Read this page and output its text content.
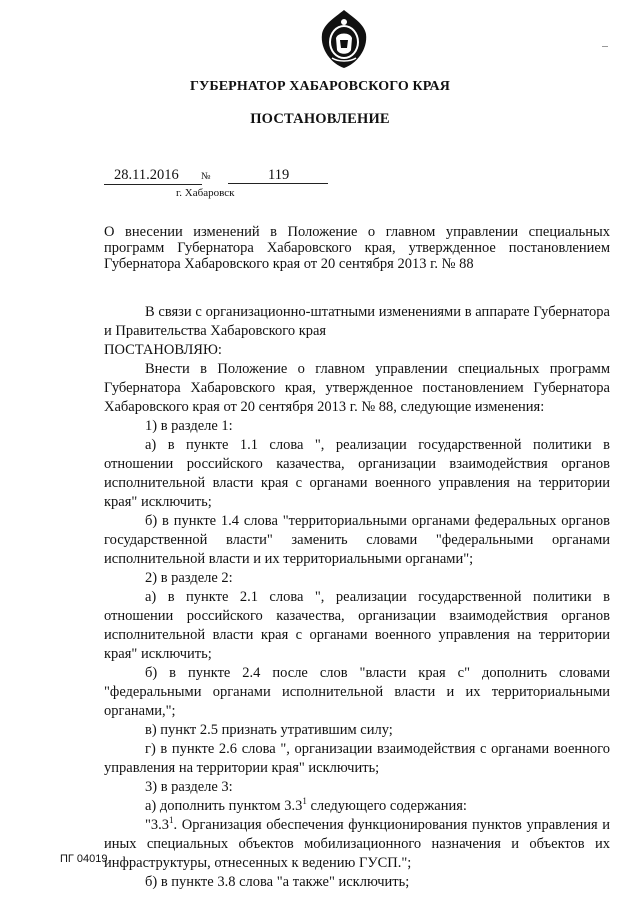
ГУБЕРНАТОР ХАБАРОВСКОГО КРАЯ
ПОСТАНОВЛЕНИЕ
28.11.2016	№	119
г. Хабаровск
О внесении изменений в Положение о главном управлении специальных программ Губернатора Хабаровского края, утвержденное постановлением Губернатора Хабаровского края от 20 сентября 2013 г. № 88

В связи с организационно-штатными изменениями в аппарате Губернатора и Правительства Хабаровского края

ПОСТАНОВЛЯЮ:

Внести в Положение о главном управлении специальных программ Губернатора Хабаровского края, утвержденное постановлением Губернатора Хабаровского края от 20 сентября 2013 г. № 88, следующие изменения:

1) в разделе 1:

а) в пункте 1.1 слова ", реализации государственной политики в отношении российского казачества, организации взаимодействия органов исполнительной власти края с органами военного управления на территории края" исключить;

б) в пункте 1.4 слова "территориальными органами федеральных органов государственной власти" заменить словами "федеральными органами исполнительной власти и их территориальными органами";

2) в разделе 2:

а) в пункте 2.1 слова ", реализации государственной политики в отношении российского казачества, организации взаимодействия органов исполнительной власти края с органами военного управления на территории края" исключить;

б) в пункте 2.4 после слов "власти края с" дополнить словами "федеральными органами исполнительной власти и их территориальными органами,";

в) пункт 2.5 признать утратившим силу;

г) в пункте 2.6 слова ", организации взаимодействия с органами военного управления на территории края" исключить;

3) в разделе 3:

а) дополнить пунктом $3.3^1$ следующего содержания:

"$3.3^1$. Организация обеспечения функционирования пунктов управления и иных специальных объектов мобилизационного назначения и объектов их инфраструктуры, отнесенных к ведению ГУСП.";

б) в пункте 3.8 слова "а также" исключить;

ПГ 04019
